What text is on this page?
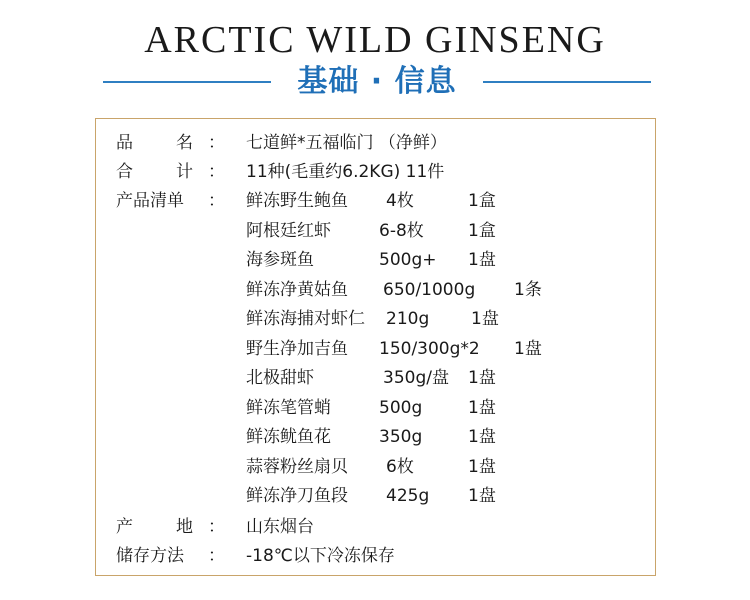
ARCTIC WILD GINSENG
基础 · 信息
品	名 ： 七道鲜*五福临门 （净鲜）
合	计 ： 11种(毛重约6.2KG) 11件
产品清单 ： 鲜冻野生鲍鱼 4枚	1盒
阿根廷红虾	6-8枚	1盒
海参斑鱼	500g+ 1盘
鲜冻净黄姑鱼 650/1000g 1条
鲜冻海捕对虾仁 210g 1盘
野生净加吉鱼 150/300g*2 1盘
北极甜虾	350g/盘 1盘
鲜冻笔管蛸	500g	1盘
鲜冻鱿鱼花	350g	1盘
蒜蓉粉丝扇贝 6枚	1盘
鲜冻净刀鱼段 425g 1盘
产	地 ： 山东烟台
储存方法 ： -18℃以下冷冻保存
